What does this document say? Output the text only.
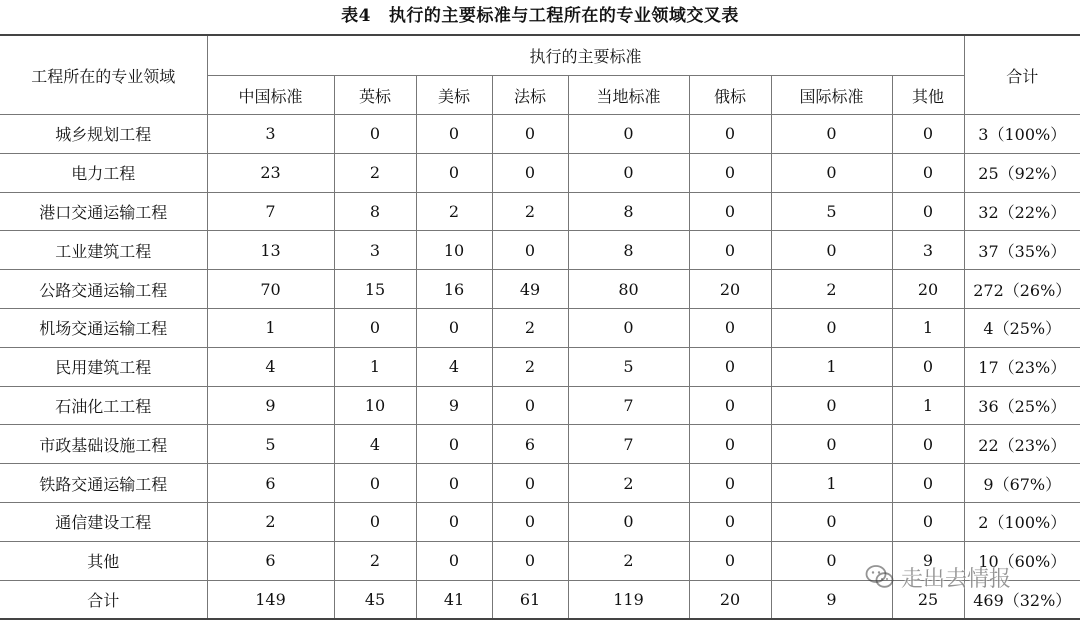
表4 执行的主要标准与工程所在的专业领域交叉表
工程所在的专业领域	执行的主要标准								合计
	中国标准	英标	美标	法标	当地标准	俄标	国际标准	其他	
城乡规划工程	3	0	0	0	0	0	0	0	3（100%）
电力工程	23	2	0	0	0	0	0	0	25（92%）
港口交通运输工程	7	8	2	2	8	0	5	0	32（22%）
工业建筑工程	13	3	10	0	8	0	0	3	37（35%）
公路交通运输工程	70	15	16	49	80	20	2	20	272（26%）
机场交通运输工程	1	0	0	2	0	0	0	1	4（25%）
民用建筑工程	4	1	4	2	5	0	1	0	17（23%）
石油化工工程	9	10	9	0	7	0	0	1	36（25%）
市政基础设施工程	5	4	0	6	7	0	0	0	22（23%）
铁路交通运输工程	6	0	0	0	2	0	1	0	9（67%）
通信建设工程	2	0	0	0	0	0	0	0	2（100%）
其他	6	2	0	0	2	0	0	9	10（60%）
合计	149	45	41	61	119	20	9	25	469（32%）
走出去情报
